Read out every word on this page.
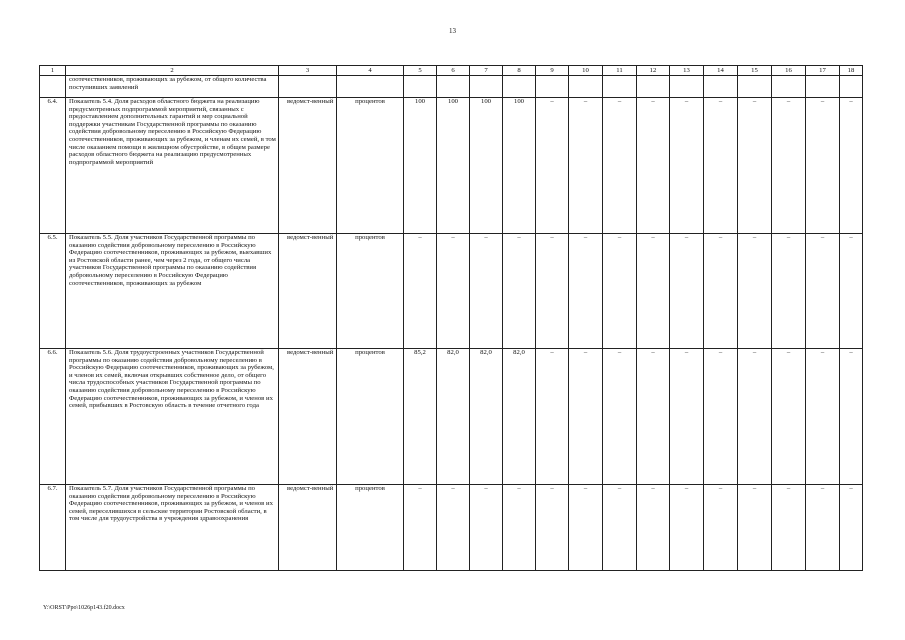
13
1	2	3	4	5	6	7	8	9	10	11	12	13	14	15	16	17	18
	соотечественников, проживающих за рубежом, от общего количества поступивших заявлений																
6.4.	Показатель 5.4. Доля расходов областного бюджета на реализацию предусмотренных подпрограммой мероприятий, связанных с предоставлением дополнительных гарантий и мер социальной поддержки участникам Государственной программы по оказанию содействия добровольному переселению в Российскую Федерацию соотечественников, проживающих за рубежом, и членам их семей, в том числе оказанием помощи в жилищном обустройстве, в общем размере расходов областного бюджета на реализацию предусмотренных подпрограммой мероприятий	ведомст-венный	процентов	100	100	100	100	–	–	–	–	–	–	–	–	–	–
6.5.	Показатель 5.5. Доля участников Государственной программы по оказанию содействия добровольному переселению в Российскую Федерацию соотечественников, проживающих за рубежом, выехавших из Ростовской области ранее, чем через 2 года, от общего числа участников Государственной программы по оказанию содействия добровольному переселению в Российскую Федерацию соотечественников, проживающих за рубежом	ведомст-венный	процентов	–	–	–	–	–	–	–	–	–	–	–	–	–	–
6.6.	Показатель 5.6. Доля трудоустроенных участников Государственной программы по оказанию содействия добровольному переселению в Российскую Федерацию соотечественников, проживающих за рубежом, и членов их семей, включая открывших собственное дело, от общего числа трудоспособных участников Государственной программы по оказанию содействия добровольному переселению в Российскую Федерацию соотечественников, проживающих за рубежом, и членов их семей, прибывших в Ростовскую область в течение отчетного года	ведомст-венный	процентов	85,2	82,0	82,0	82,0	–	–	–	–	–	–	–	–	–	–
6.7.	Показатель 5.7. Доля участников Государственной программы по оказанию содействия добровольному переселению в Российскую Федерацию соотечественников, проживающих за рубежом, и членов их семей, переселившихся в сельские территории Ростовской области, в том числе для трудоустройства в учреждения здравоохранения	ведомст-венный	процентов	–	–	–	–	–	–	–	–	–	–	–	–	–	–
Y:\ORST\Ppo\1026p143.f20.docx
